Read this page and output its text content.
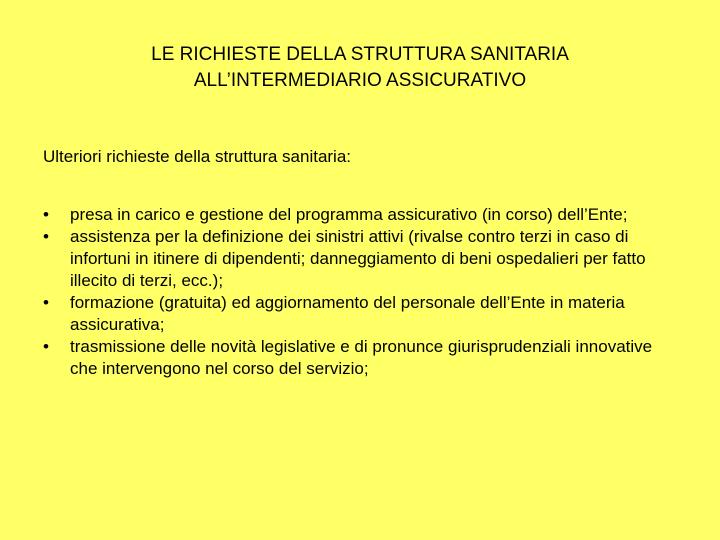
LE RICHIESTE DELLA STRUTTURA SANITARIA
ALL’INTERMEDIARIO ASSICURATIVO

Ulteriori richieste della struttura sanitaria:

•	presa in carico e gestione del programma assicurativo (in corso) dell’Ente;
•	assistenza per la definizione dei sinistri attivi (rivalse contro terzi in caso di infortuni in itinere di dipendenti; danneggiamento di beni ospedalieri per fatto illecito di terzi, ecc.);
•	formazione (gratuita) ed aggiornamento del personale dell’Ente in materia assicurativa;
•	trasmissione delle novità legislative e di pronunce giurisprudenziali innovative che intervengono nel corso del servizio;
